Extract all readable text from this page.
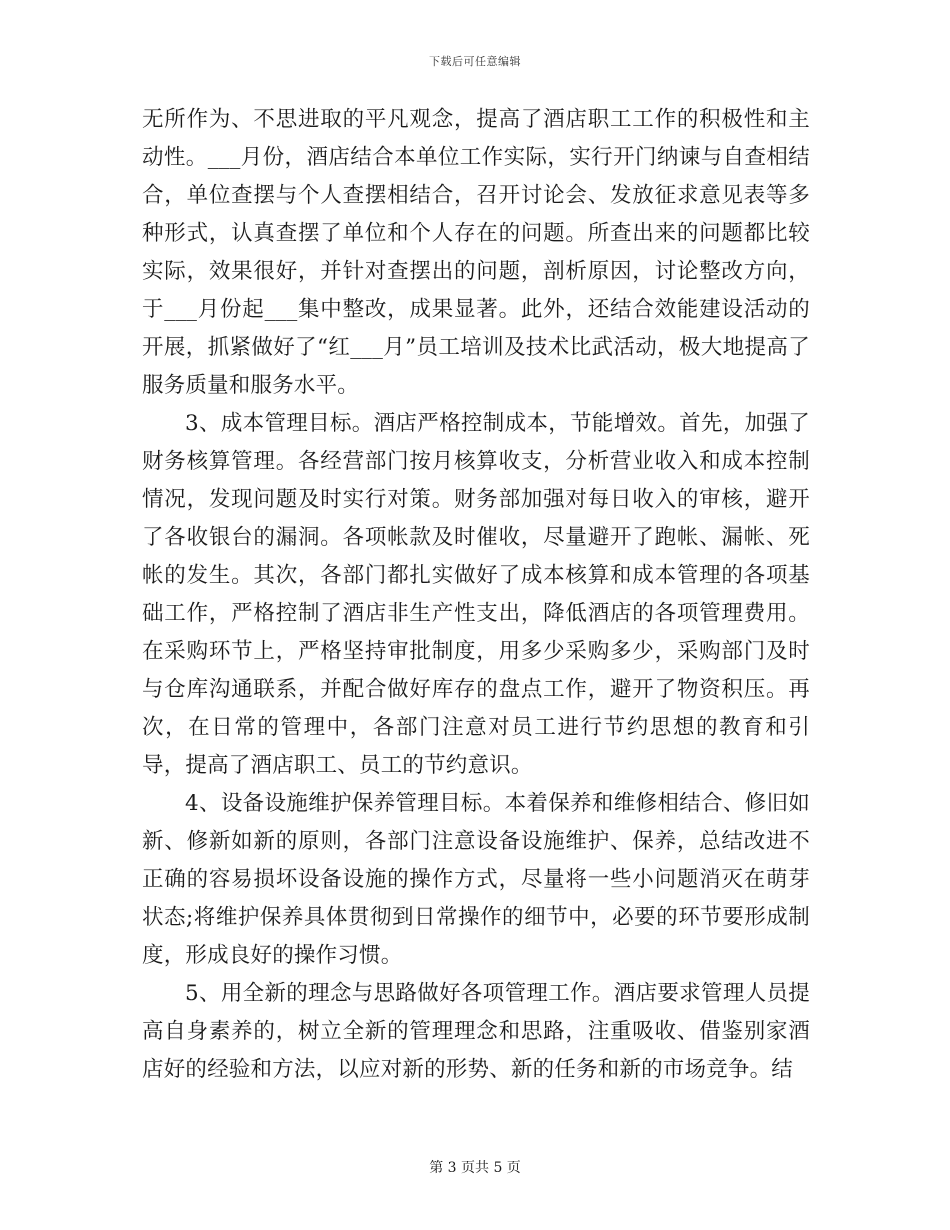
下载后可任意编辑

无所作为、不思进取的平凡观念，提高了酒店职工工作的积极性和主动性。___月份，酒店结合本单位工作实际，实行开门纳谏与自查相结合，单位查摆与个人查摆相结合，召开讨论会、发放征求意见表等多种形式，认真查摆了单位和个人存在的问题。所查出来的问题都比较实际，效果很好，并针对查摆出的问题，剖析原因，讨论整改方向，于___月份起___集中整改，成果显著。此外，还结合效能建设活动的开展，抓紧做好了“红___月”员工培训及技术比武活动，极大地提高了服务质量和服务水平。

3、成本管理目标。酒店严格控制成本，节能增效。首先，加强了财务核算管理。各经营部门按月核算收支，分析营业收入和成本控制情况，发现问题及时实行对策。财务部加强对每日收入的审核，避开了各收银台的漏洞。各项帐款及时催收，尽量避开了跑帐、漏帐、死帐的发生。其次，各部门都扎实做好了成本核算和成本管理的各项基础工作，严格控制了酒店非生产性支出，降低酒店的各项管理费用。在采购环节上，严格坚持审批制度，用多少采购多少，采购部门及时与仓库沟通联系，并配合做好库存的盘点工作，避开了物资积压。再次，在日常的管理中，各部门注意对员工进行节约思想的教育和引导，提高了酒店职工、员工的节约意识。

4、设备设施维护保养管理目标。本着保养和维修相结合、修旧如新、修新如新的原则，各部门注意设备设施维护、保养，总结改进不正确的容易损坏设备设施的操作方式，尽量将一些小问题消灭在萌芽状态;将维护保养具体贯彻到日常操作的细节中，必要的环节要形成制度，形成良好的操作习惯。

5、用全新的理念与思路做好各项管理工作。酒店要求管理人员提高自身素养的，树立全新的管理理念和思路，注重吸收、借鉴别家酒店好的经验和方法，以应对新的形势、新的任务和新的市场竞争。结

第 3 页共 5 页
